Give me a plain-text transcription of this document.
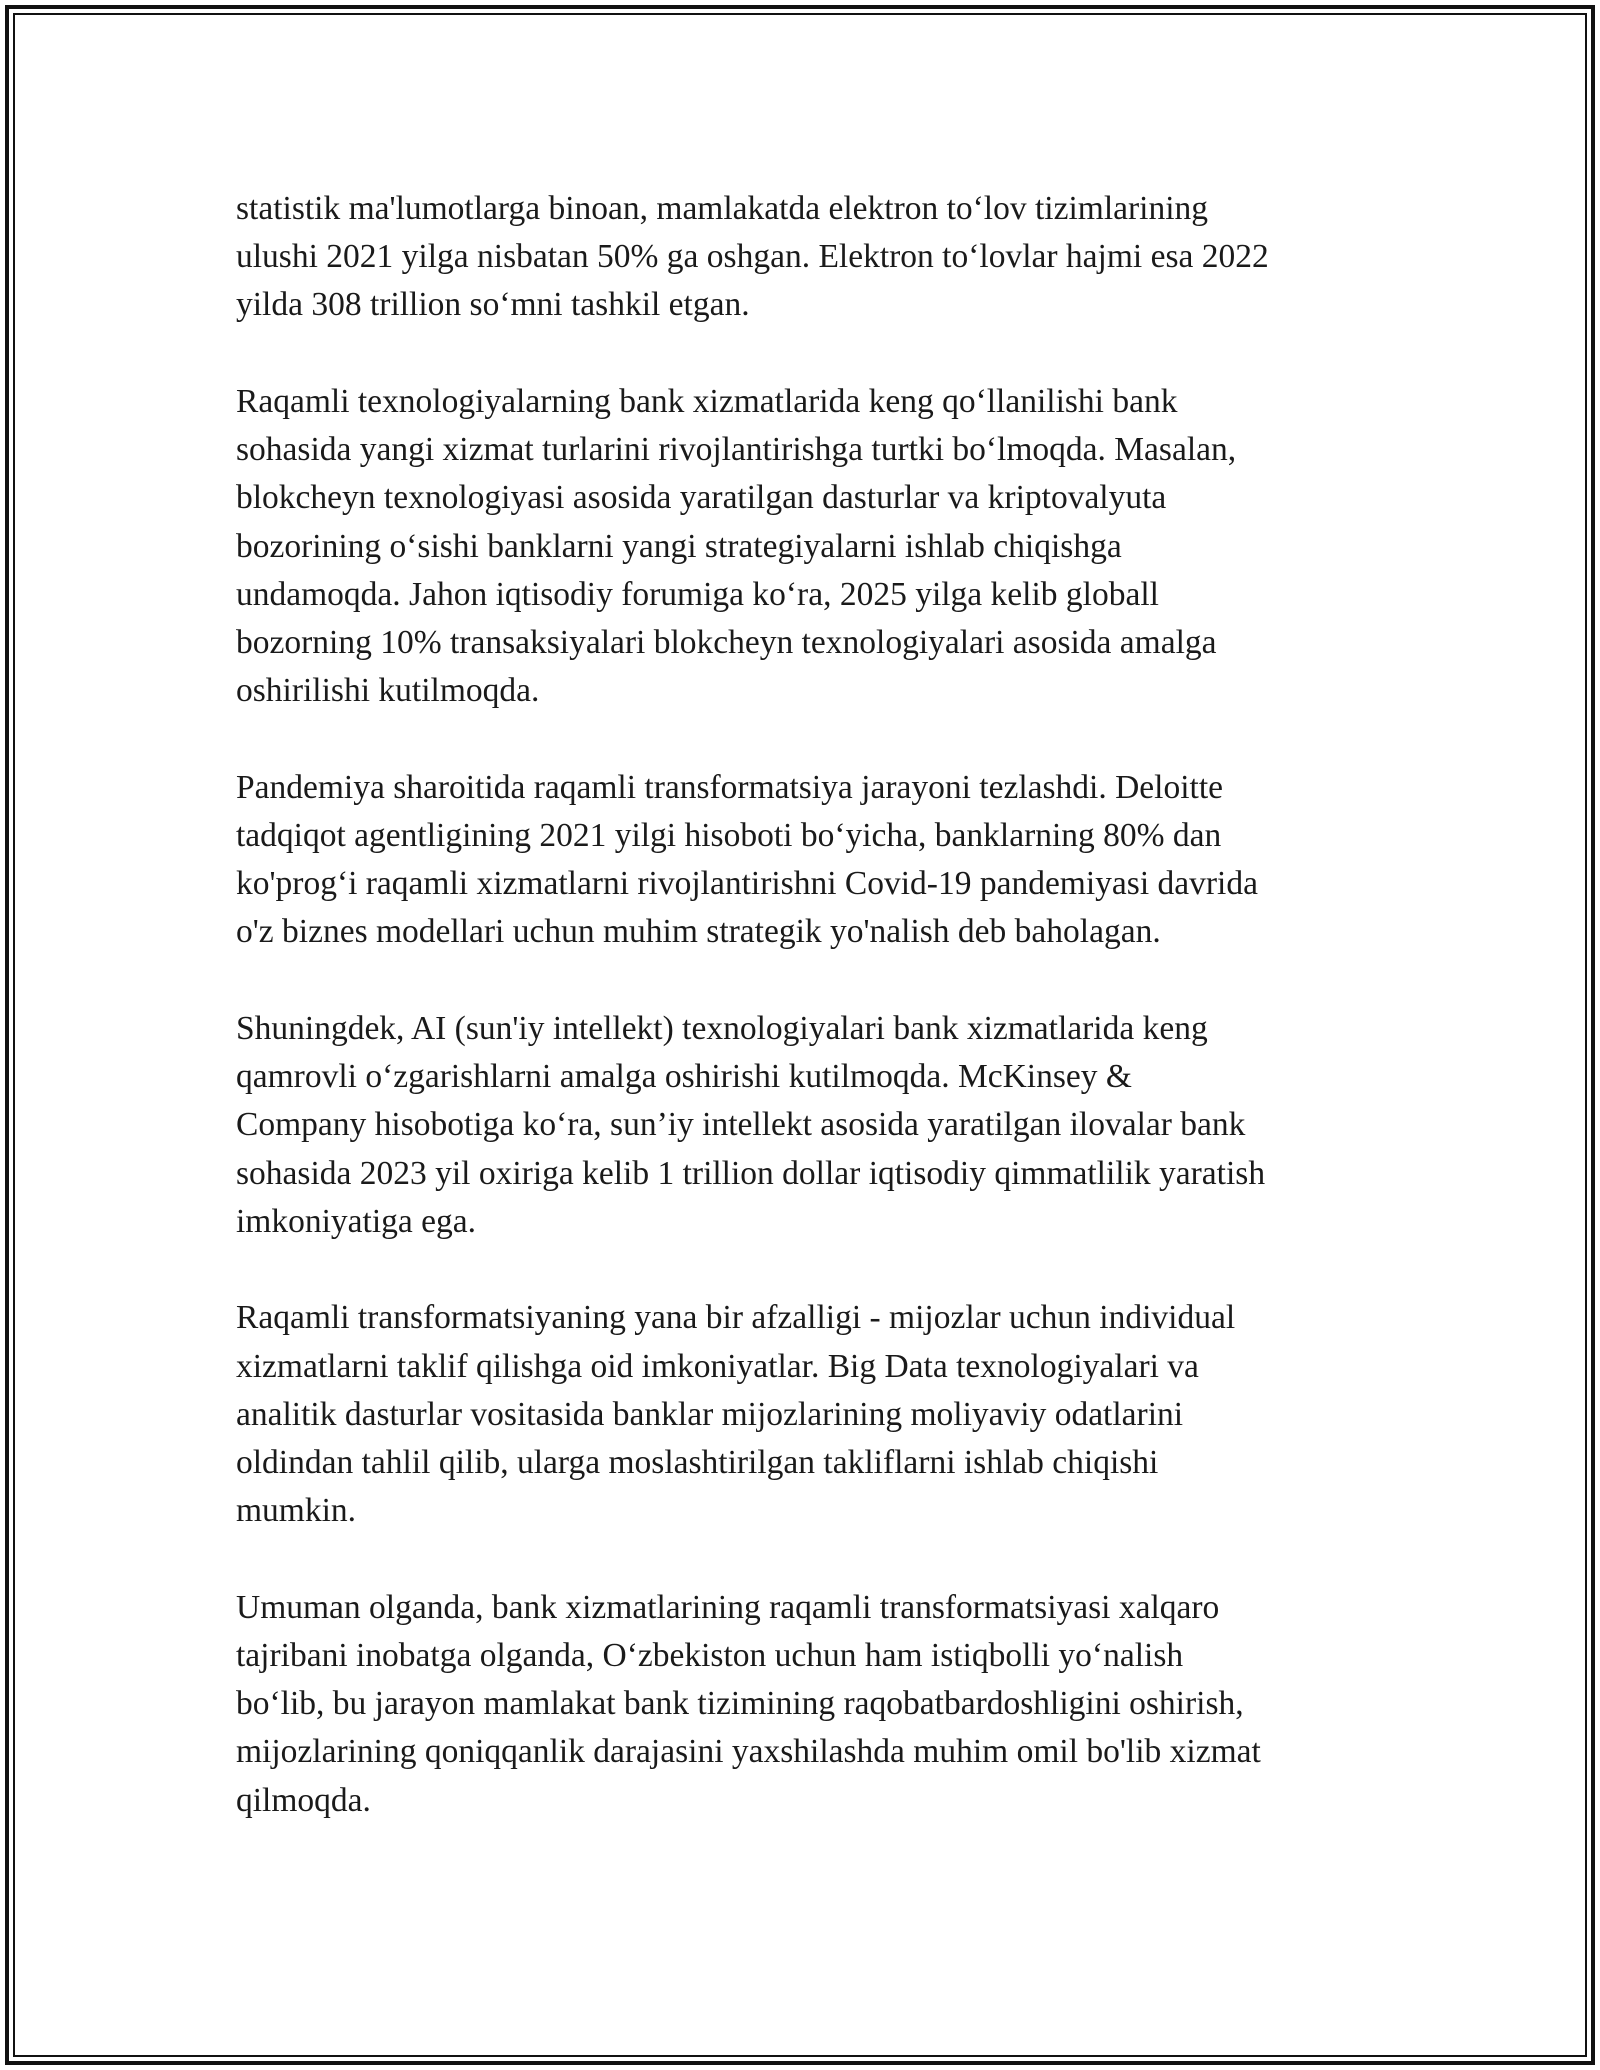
statistik ma'lumotlarga binoan, mamlakatda elektron to‘lov tizimlarining
ulushi 2021 yilga nisbatan 50% ga oshgan. Elektron to‘lovlar hajmi esa 2022
yilda 308 trillion so‘mni tashkil etgan.

Raqamli texnologiyalarning bank xizmatlarida keng qo‘llanilishi bank
sohasida yangi xizmat turlarini rivojlantirishga turtki bo‘lmoqda. Masalan,
blokcheyn texnologiyasi asosida yaratilgan dasturlar va kriptovalyuta
bozorining o‘sishi banklarni yangi strategiyalarni ishlab chiqishga
undamoqda. Jahon iqtisodiy forumiga ko‘ra, 2025 yilga kelib globall
bozorning 10% transaksiyalari blokcheyn texnologiyalari asosida amalga
oshirilishi kutilmoqda.

Pandemiya sharoitida raqamli transformatsiya jarayoni tezlashdi. Deloitte
tadqiqot agentligining 2021 yilgi hisoboti bo‘yicha, banklarning 80% dan
ko'prog‘i raqamli xizmatlarni rivojlantirishni Covid-19 pandemiyasi davrida
o'z biznes modellari uchun muhim strategik yo'nalish deb baholagan.

Shuningdek, AI (sun'iy intellekt) texnologiyalari bank xizmatlarida keng
qamrovli o‘zgarishlarni amalga oshirishi kutilmoqda. McKinsey &
Company hisobotiga ko‘ra, sun’iy intellekt asosida yaratilgan ilovalar bank
sohasida 2023 yil oxiriga kelib 1 trillion dollar iqtisodiy qimmatlilik yaratish
imkoniyatiga ega.

Raqamli transformatsiyaning yana bir afzalligi - mijozlar uchun individual
xizmatlarni taklif qilishga oid imkoniyatlar. Big Data texnologiyalari va
analitik dasturlar vositasida banklar mijozlarining moliyaviy odatlarini
oldindan tahlil qilib, ularga moslashtirilgan takliflarni ishlab chiqishi
mumkin.

Umuman olganda, bank xizmatlarining raqamli transformatsiyasi xalqaro
tajribani inobatga olganda, O‘zbekiston uchun ham istiqbolli yo‘nalish
bo‘lib, bu jarayon mamlakat bank tizimining raqobatbardoshligini oshirish,
mijozlarining qoniqqanlik darajasini yaxshilashda muhim omil bo'lib xizmat
qilmoqda.
